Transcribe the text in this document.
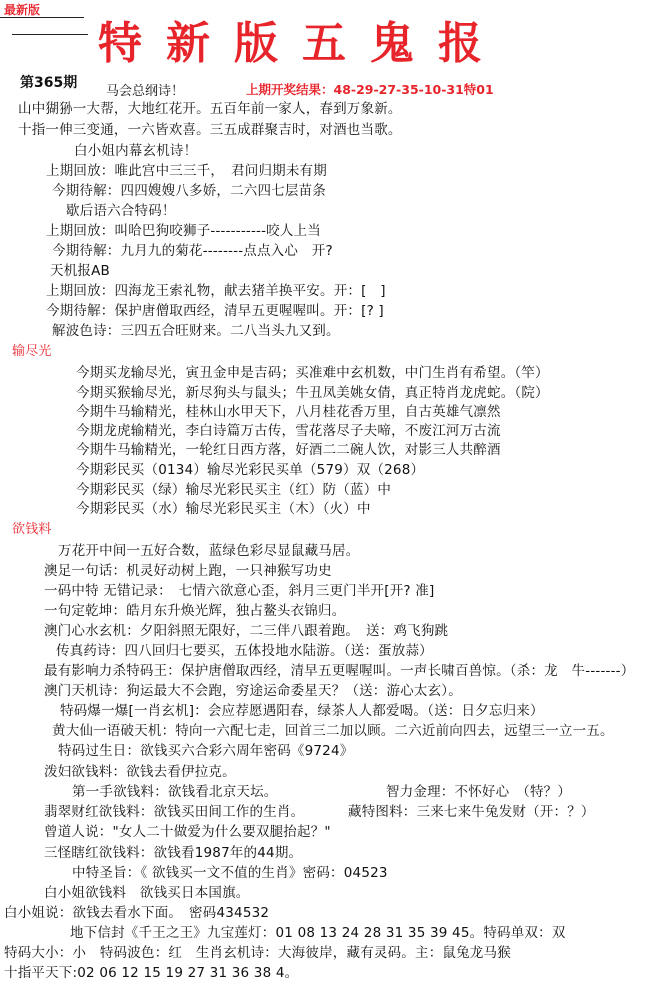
最新版
特新版五鬼报
第365期
马会总纲诗！	上期开奖结果：48-29-27-35-10-31特01
山中猢狲一大帮，大地红花开。五百年前一家人，春到万象新。
十指一伸三变通，一六皆欢喜。三五成群聚吉时，对酒也当歌。
白小姐内幕玄机诗！
上期回放：唯此宫中三三千，　君问归期未有期
今期待解：四四嫂嫂八多娇，二六四七层苗条
歇后语六合特码！
上期回放：叫哈巴狗咬狮子-----------咬人上当
今期待解：九月九的菊花--------点点入心　开?
天机报AB
上期回放：四海龙王索礼物，献去猪羊换平安。开：[　]
今期待解：保护唐僧取西经，清早五更喔喔叫。开：[? ]
解波色诗：三四五合旺财来。二八当头九又到。
输尽光
今期买龙输尽光，寅丑金申是吉码；买准难中玄机数，中门生肖有希望。（竿）
今期买猴输尽光，新尽狗头与鼠头；牛丑凤美姚女倩，真正特肖龙虎蛇。（院）
今期牛马输精光，桂林山水甲天下，八月桂花香万里，自古英雄气凛然
今期龙虎输精光，李白诗篇万古传，雪花落尽子夫啼，不废江河万古流
今期牛马输精光，一轮红日西方落，好酒二二碗人饮，对影三人共醉酒
今期彩民买（0134）输尽光彩民买单（579）双（268）
今期彩民买（绿）输尽光彩民买主（红）防（蓝）中
今期彩民买（水）输尽光彩民买主（木）（火）中
欲钱料
万花开中间一五好合数，蓝绿色彩尽显鼠藏马居。
澳足一句话：机灵好动树上跑，一只神猴写功史
一码中特 无错记录：　七情六欲意心歪，斜月三更门半开[开? 准]
一句定乾坤：皓月东升焕光辉，独占鳌头衣锦归。
澳门心水玄机：夕阳斜照无限好，二三伴八跟着跑。　送：鸡飞狗跳
传真药诗：四八回归七要买，五体投地水陆游。（送：蛋放蒜）
最有影响力杀特码王：保护唐僧取西经，清早五更喔喔叫。一声长啸百兽惊。（杀：龙　牛-------）
澳门天机诗：狗运最大不会跑，穷途运命委星天？（送：游心太玄）。
特码爆一爆[一肖玄机]：会应荐愿遇阳春，绿茶人人都爱喝。（送：日夕忘归来）
黄大仙一语破天机：特向一六配七走，回首三二加以顾。二六近前向四去，远望三一立一五。
特码过生日：欲钱买六合彩六周年密码《9724》
泼妇欲钱料：欲钱去看伊拉克。
第一手欲钱料：欲钱看北京天坛。	智力金理：不怀好心　（特？）
翡翠财红欲钱料：欲钱买田间工作的生肖。	藏特图料：三来七来牛兔发财（开：？）
曾道人说："女人二十做爱为什么要双腿抬起？"
三怪瞎红欲钱料：欲钱看1987年的44期。
中特圣旨：《 欲钱买一文不值的生肖》密码：04523
白小姐欲钱料　欲钱买日本国旗。
白小姐说：欲钱去看水下面。　密码434532
地下信封《千王之王》九宝莲灯：01 08 13 24 28 31 35 39 45。特码单双：双
特码大小：小　特码波色：红　生肖玄机诗：大海彼岸，藏有灵码。主：鼠兔龙马猴
十指平天下:02 06 12 15 19 27 31 36 38 4。
